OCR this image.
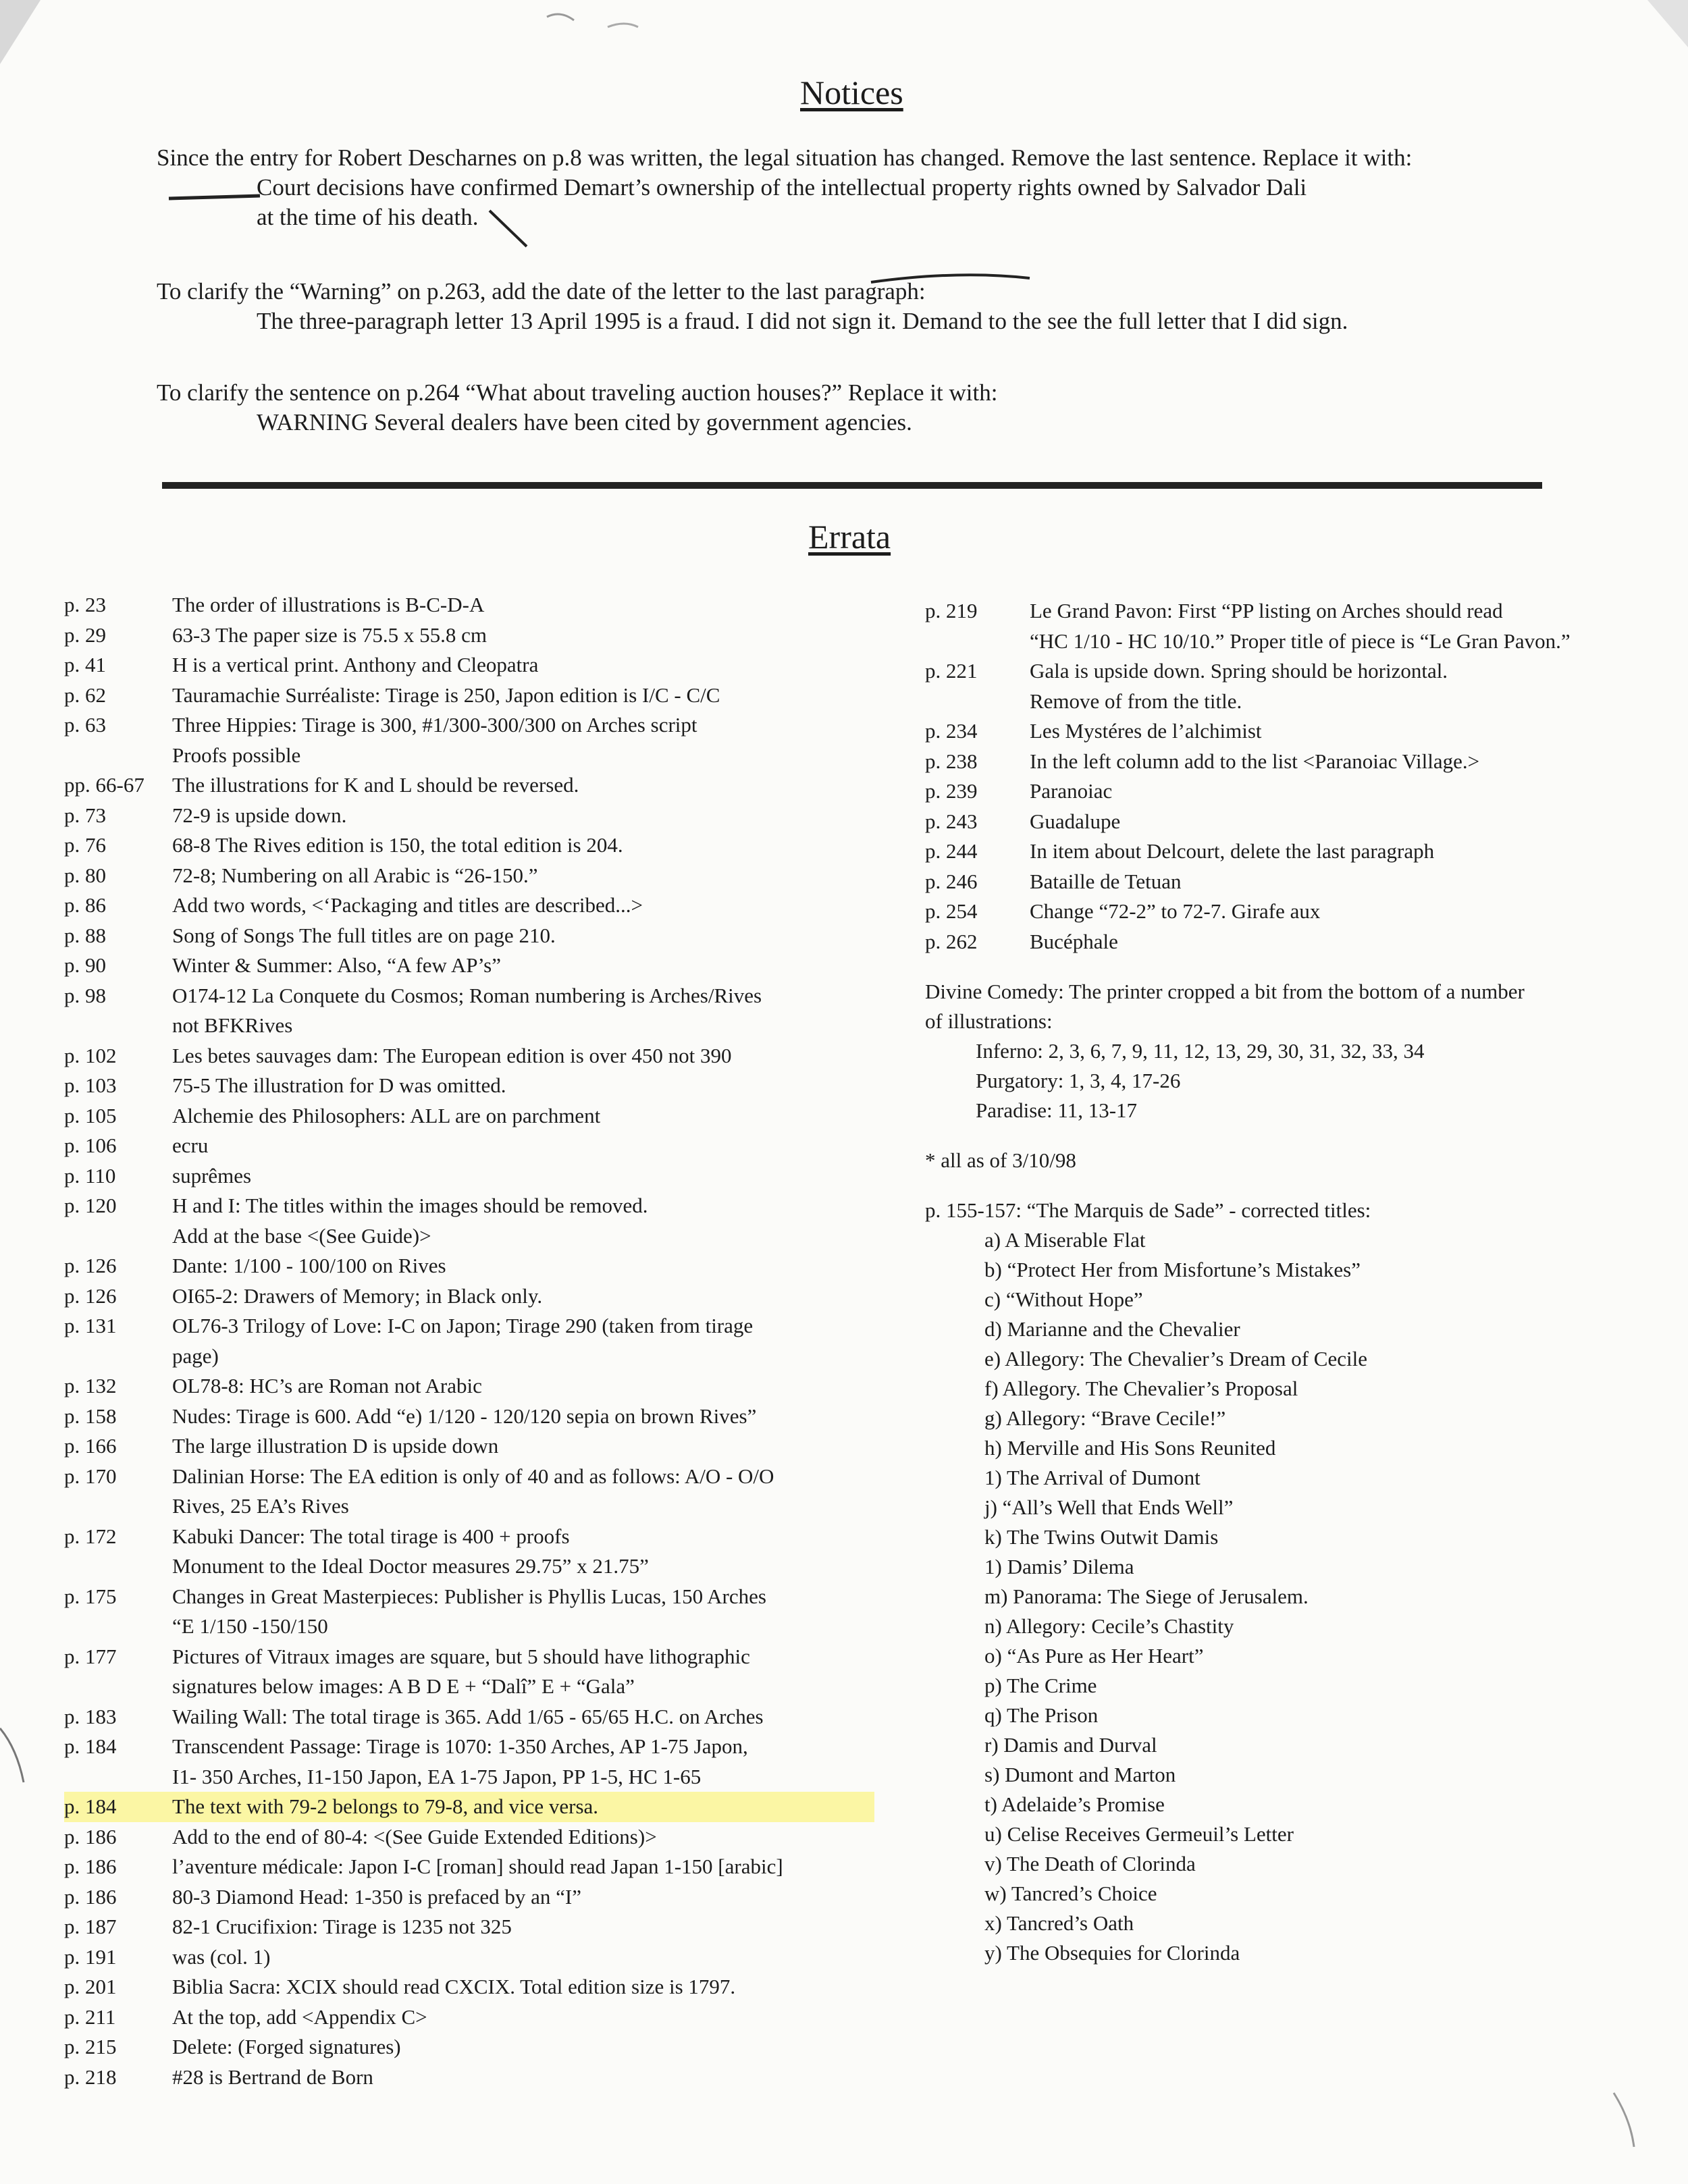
Notices
Since the entry for Robert Descharnes on p.8 was written, the legal situation has changed. Remove the last sentence. Replace it with:
Court decisions have confirmed Demart’s ownership of the intellectual property rights owned by Salvador Dali
at the time of his death.
To clarify the “Warning” on p.263, add the date of the letter to the last paragraph:
The three-paragraph letter 13 April 1995 is a fraud. I did not sign it. Demand to the see the full letter that I did sign.
To clarify the sentence on p.264 “What about traveling auction houses?” Replace it with:
WARNING Several dealers have been cited by government agencies.
Errata
p. 23	The order of illustrations is B-C-D-A
p. 29	63-3 The paper size is 75.5 x 55.8 cm
p. 41	H is a vertical print. Anthony and Cleopatra
p. 62	Tauramachie Surréaliste: Tirage is 250, Japon edition is I/C - C/C
p. 63	Three Hippies: Tirage is 300, #1/300-300/300 on Arches script
Proofs possible
pp. 66-67	The illustrations for K and L should be reversed.
p. 73	72-9 is upside down.
p. 76	68-8 The Rives edition is 150, the total edition is 204.
p. 80	72-8; Numbering on all Arabic is “26-150.”
p. 86	Add two words, <‘Packaging and titles are described...>
p. 88	Song of Songs The full titles are on page 210.
p. 90	Winter & Summer: Also, “A few AP’s”
p. 98	O174-12 La Conquete du Cosmos; Roman numbering is Arches/Rives
not BFKRives
p. 102	Les betes sauvages dam: The European edition is over 450 not 390
p. 103	75-5 The illustration for D was omitted.
p. 105	Alchemie des Philosophers: ALL are on parchment
p. 106	ecru
p. 110	suprêmes
p. 120	H and I: The titles within the images should be removed.
Add at the base <(See Guide)>
p. 126	Dante: 1/100 - 100/100 on Rives
p. 126	OI65-2: Drawers of Memory; in Black only.
p. 131	OL76-3 Trilogy of Love: I-C on Japon; Tirage 290 (taken from tirage
page)
p. 132	OL78-8: HC’s are Roman not Arabic
p. 158	Nudes: Tirage is 600. Add “e) 1/120 - 120/120 sepia on brown Rives”
p. 166	The large illustration D is upside down
p. 170	Dalinian Horse: The EA edition is only of 40 and as follows: A/O - O/O
Rives, 25 EA’s Rives
p. 172	Kabuki Dancer: The total tirage is 400 + proofs
Monument to the Ideal Doctor measures 29.75” x 21.75”
p. 175	Changes in Great Masterpieces: Publisher is Phyllis Lucas, 150 Arches
“E 1/150 -150/150
p. 177	Pictures of Vitraux images are square, but 5 should have lithographic
signatures below images: A B D E + “Dalî” E + “Gala”
p. 183	Wailing Wall: The total tirage is 365. Add 1/65 - 65/65 H.C. on Arches
p. 184	Transcendent Passage: Tirage is 1070: 1-350 Arches, AP 1-75 Japon,
I1- 350 Arches, I1-150 Japon, EA 1-75 Japon, PP 1-5, HC 1-65
p. 184	The text with 79-2 belongs to 79-8, and vice versa.
p. 186	Add to the end of 80-4: <(See Guide Extended Editions)>
p. 186	l’aventure médicale: Japon I-C [roman] should read Japan 1-150 [arabic]
p. 186	80-3 Diamond Head: 1-350 is prefaced by an “I”
p. 187	82-1 Crucifixion: Tirage is 1235 not 325
p. 191	was (col. 1)
p. 201	Biblia Sacra: XCIX should read CXCIX. Total edition size is 1797.
p. 211	At the top, add <Appendix C>
p. 215	Delete: (Forged signatures)
p. 218	#28 is Bertrand de Born
p. 219	Le Grand Pavon: First “PP listing on Arches should read
“HC 1/10 - HC 10/10.” Proper title of piece is “Le Gran Pavon.”
p. 221	Gala is upside down. Spring should be horizontal.
Remove of from the title.
p. 234	Les Mystéres de l’alchimist
p. 238	In the left column add to the list <Paranoiac Village.>
p. 239	Paranoiac
p. 243	Guadalupe
p. 244	In item about Delcourt, delete the last paragraph
p. 246	Bataille de Tetuan
p. 254	Change “72-2” to 72-7. Girafe aux
p. 262	Bucéphale
Divine Comedy: The printer cropped a bit from the bottom of a number
of illustrations:
Inferno: 2, 3, 6, 7, 9, 11, 12, 13, 29, 30, 31, 32, 33, 34
Purgatory: 1, 3, 4, 17-26
Paradise: 11, 13-17
* all as of 3/10/98
p. 155-157: “The Marquis de Sade” - corrected titles:
a) A Miserable Flat
b) “Protect Her from Misfortune’s Mistakes”
c) “Without Hope”
d) Marianne and the Chevalier
e) Allegory: The Chevalier’s Dream of Cecile
f) Allegory. The Chevalier’s Proposal
g) Allegory: “Brave Cecile!”
h) Merville and His Sons Reunited
1) The Arrival of Dumont
j) “All’s Well that Ends Well”
k) The Twins Outwit Damis
1) Damis’ Dilema
m) Panorama: The Siege of Jerusalem.
n) Allegory: Cecile’s Chastity
o) “As Pure as Her Heart”
p) The Crime
q) The Prison
r) Damis and Durval
s) Dumont and Marton
t) Adelaide’s Promise
u) Celise Receives Germeuil’s Letter
v) The Death of Clorinda
w) Tancred’s Choice
x) Tancred’s Oath
y) The Obsequies for Clorinda
